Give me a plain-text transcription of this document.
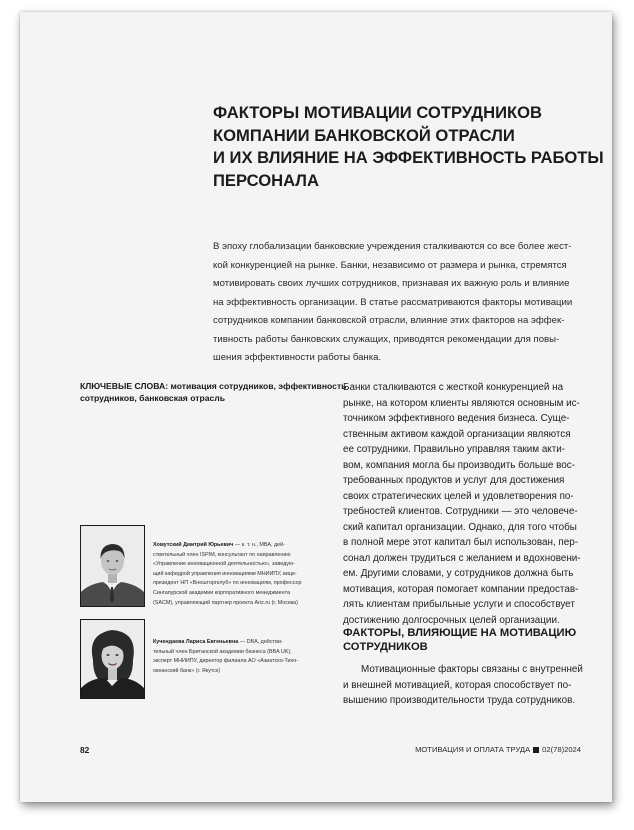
ФАКТОРЫ МОТИВАЦИИ СОТРУДНИКОВ
КОМПАНИИ БАНКОВСКОЙ ОТРАСЛИ
И ИХ ВЛИЯНИЕ НА ЭФФЕКТИВНОСТЬ РАБОТЫ
ПЕРСОНАЛА
В эпоху глобализации банковские учреждения сталкиваются со все более жест-
кой конкуренцией на рынке. Банки, независимо от размера и рынка, стремятся
мотивировать своих лучших сотрудников, признавая их важную роль и влияние
на эффективность организации. В статье рассматриваются факторы мотивации
сотрудников компании банковской отрасли, влияние этих факторов на эффек-
тивность работы банковских служащих, приводятся рекомендации для повы-
шения эффективности работы банка.
КЛЮЧЕВЫЕ СЛОВА: мотивация сотрудников, эффективность
сотрудников, банковская отрасль
Хомутский Дмитрий Юрьевич — к. т. н., MBA, дей-
ствительный член ISPIM, консультант по направлению
«Управление инновационной деятельностью», заведую-
щий кафедрой управления инновациями МНИИПУ, вице-
президент НП «Внешторгклуб» по инновациям, профессор
Сингапурской академии корпоративного менеджмента
(SACM), управляющий партнер проекта Ariz.ru (г. Москва)
Кучендаева Лариса Евгеньевна — DBA, действи-
тельный член Британской академии бизнеса (BBA UK),
эксперт МНИИПУ, директор филиала АО «Азиатско-Тихо-
океанский банк» (г. Якутск)
Банки сталкиваются с жесткой конкуренцией на
рынке, на котором клиенты являются основным ис-
точником эффективного ведения бизнеса. Суще-
ственным активом каждой организации являются
ее сотрудники. Правильно управляя таким акти-
вом, компания могла бы производить больше вос-
требованных продуктов и услуг для достижения
своих стратегических целей и удовлетворения по-
требностей клиентов. Сотрудники — это человече-
ский капитал организации. Однако, для того чтобы
в полной мере этот капитал был использован, пер-
сонал должен трудиться с желанием и вдохновени-
ем. Другими словами, у сотрудников должна быть
мотивация, которая помогает компании предостав-
лять клиентам прибыльные услуги и способствует
достижению долгосрочных целей организации.
ФАКТОРЫ, ВЛИЯЮЩИЕ НА МОТИВАЦИЮ
СОТРУДНИКОВ
Мотивационные факторы связаны с внутренней
и внешней мотивацией, которая способствует по-
вышению производительности труда сотрудников.
82	МОТИВАЦИЯ И ОПЛАТА ТРУДА 02(78)2024
